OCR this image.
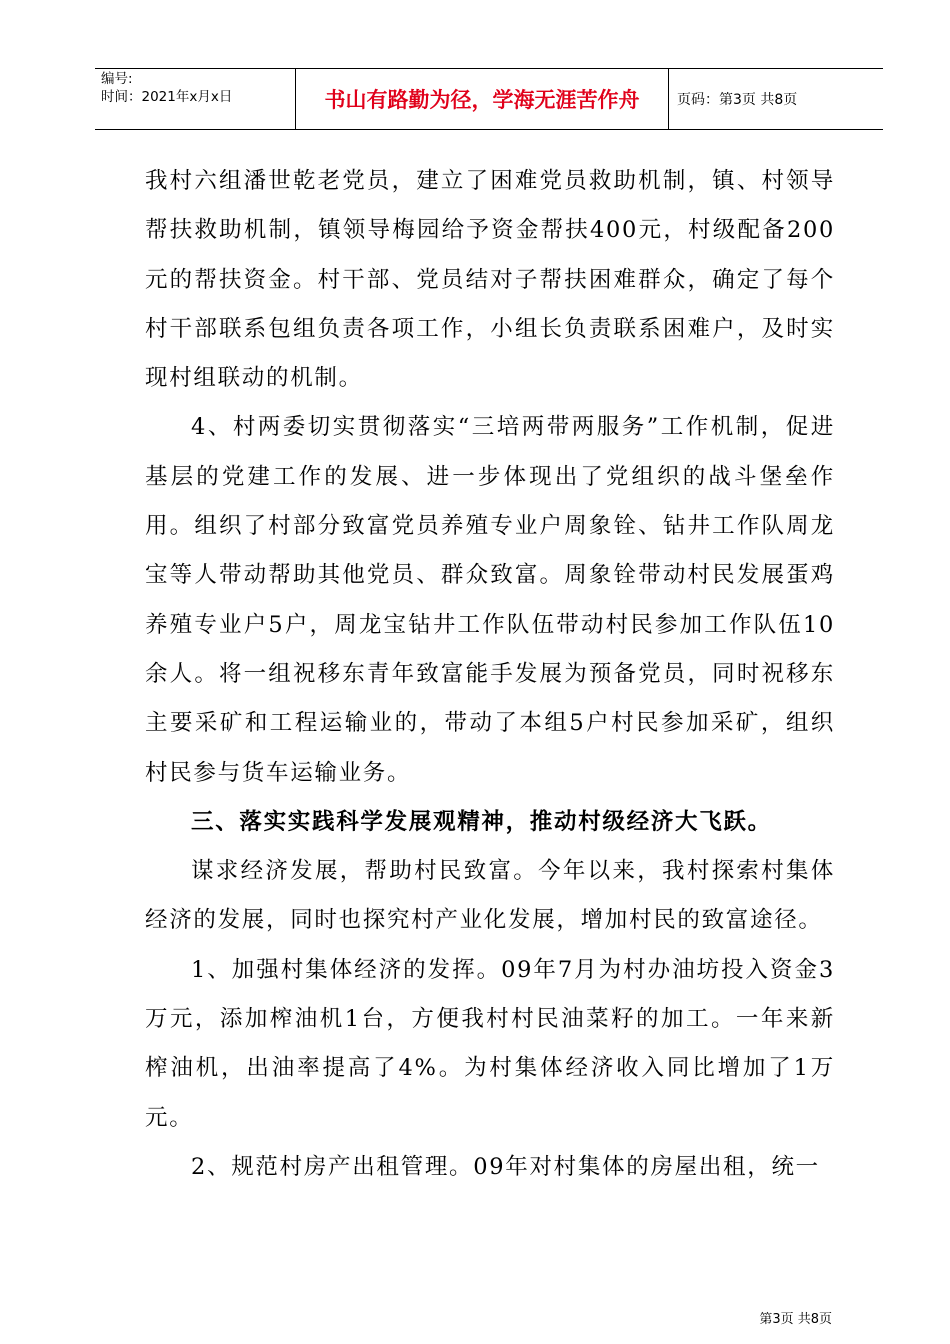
编号:
时间：2021年x月x日	书山有路勤为径，学海无涯苦作舟	页码：第3页 共8页

我村六组潘世乾老党员，建立了困难党员救助机制，镇、村领导帮扶救助机制，镇领导梅园给予资金帮扶400元，村级配备200元的帮扶资金。村干部、党员结对子帮扶困难群众，确定了每个村干部联系包组负责各项工作，小组长负责联系困难户，及时实现村组联动的机制。

4、村两委切实贯彻落实“三培两带两服务”工作机制，促进基层的党建工作的发展、进一步体现出了党组织的战斗堡垒作用。组织了村部分致富党员养殖专业户周象铨、钻井工作队周龙宝等人带动帮助其他党员、群众致富。周象铨带动村民发展蛋鸡养殖专业户5户，周龙宝钻井工作队伍带动村民参加工作队伍10余人。将一组祝移东青年致富能手发展为预备党员，同时祝移东主要采矿和工程运输业的，带动了本组5户村民参加采矿，组织村民参与货车运输业务。

三、落实实践科学发展观精神，推动村级经济大飞跃。

谋求经济发展，帮助村民致富。今年以来，我村探索村集体经济的发展，同时也探究村产业化发展，增加村民的致富途径。

1、加强村集体经济的发挥。09年7月为村办油坊投入资金3万元，添加榨油机1台，方便我村村民油菜籽的加工。一年来新榨油机，出油率提高了4%。为村集体经济收入同比增加了1万元。

2、规范村房产出租管理。09年对村集体的房屋出租，统一

第3页 共8页
